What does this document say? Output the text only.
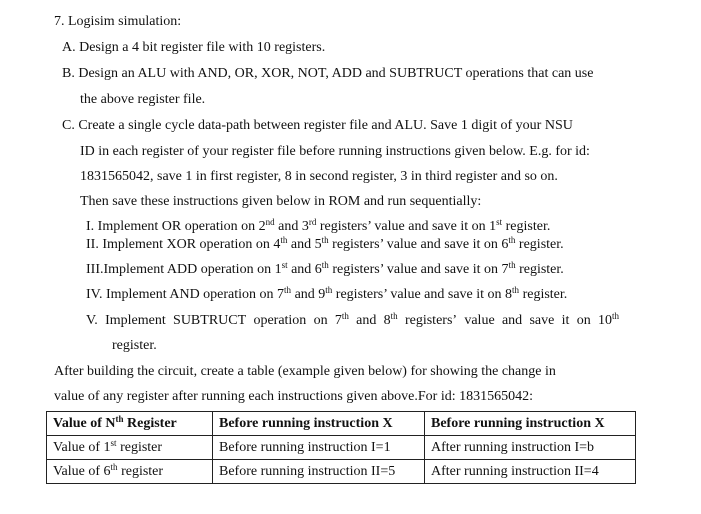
7. Logisim simulation:
A. Design a 4 bit register file with 10 registers.
B. Design an ALU with AND, OR, XOR, NOT, ADD and SUBTRUCT operations that can use
the above register file.
C. Create a single cycle data-path between register file and ALU. Save 1 digit of your NSU
ID in each register of your register file before running instructions given below. E.g. for id:
1831565042, save 1 in first register, 8 in second register, 3 in third register and so on.
Then save these instructions given below in ROM and run sequentially:
I. Implement OR operation on 2nd and 3rd registers’ value and save it on 1st register.
II. Implement XOR operation on 4th and 5th registers’ value and save it on 6th register.
III.Implement ADD operation on 1st and 6th registers’ value and save it on 7th register.
IV. Implement AND operation on 7th and 9th registers’ value and save it on 8th register.
V. Implement SUBTRUCT operation on 7th and 8th registers’ value and save it on 10th
register.
After building the circuit, create a table (example given below) for showing the change in
value of any register after running each instructions given above.For id: 1831565042:
Value of $N^{th}$ Register	Before running instruction X	Before running instruction X
Value of 1st register	Before running instruction I=1	After running instruction I=b
Value of 6th register	Before running instruction II=5	After running instruction II=4
